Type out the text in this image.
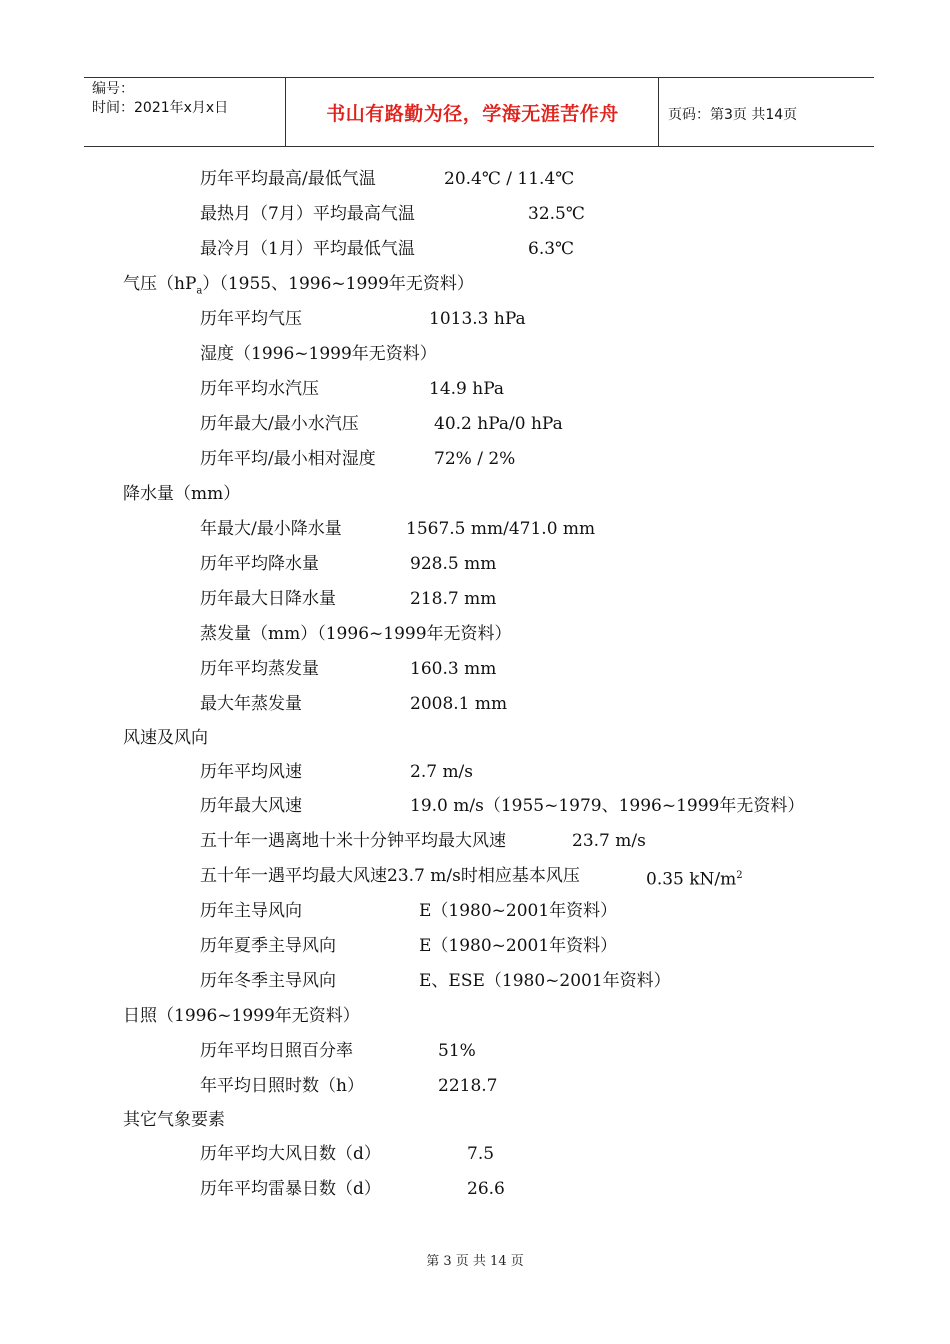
编号：
时间：2021年x月x日	书山有路勤为径，学海无涯苦作舟	页码：第3页 共14页
历年平均最高/最低气温	20.4℃ / 11.4℃
最热月（7月）平均最高气温	32.5℃
最冷月（1月）平均最低气温	6.3℃
气压$(hP_a)(1955$、1996~1999年无资料）
历年平均气压	1013.3 hPa
湿度（1996~1999年无资料）
历年平均水汽压	14.9 hPa
历年最大/最小水汽压	40.2 hPa/0 hPa
历年平均/最小相对湿度	72% / 2%
降水量（mm）
年最大/最小降水量	1567.5 mm/471.0 mm
历年平均降水量	928.5 mm
历年最大日降水量	218.7 mm
蒸发量（mm）（1996~1999年无资料）
历年平均蒸发量	160.3 mm
最大年蒸发量	2008.1 mm
风速及风向
历年平均风速	2.7 m/s
历年最大风速	19.0 m/s（1955~1979、1996~1999年无资料）
五十年一遇离地十米十分钟平均最大风速	23.7 m/s
五十年一遇平均最大风速23.7 m/s时相应基本风压	0.35 $kN/m^2$
历年主导风向	E（1980~2001年资料）
历年夏季主导风向	E（1980~2001年资料）
历年冬季主导风向	E、ESE（1980~2001年资料）
日照（1996~1999年无资料）
历年平均日照百分率	51%
年平均日照时数（h）	2218.7
其它气象要素
历年平均大风日数（d）	7.5
历年平均雷暴日数（d）	26.6
第 3 页 共 14 页
